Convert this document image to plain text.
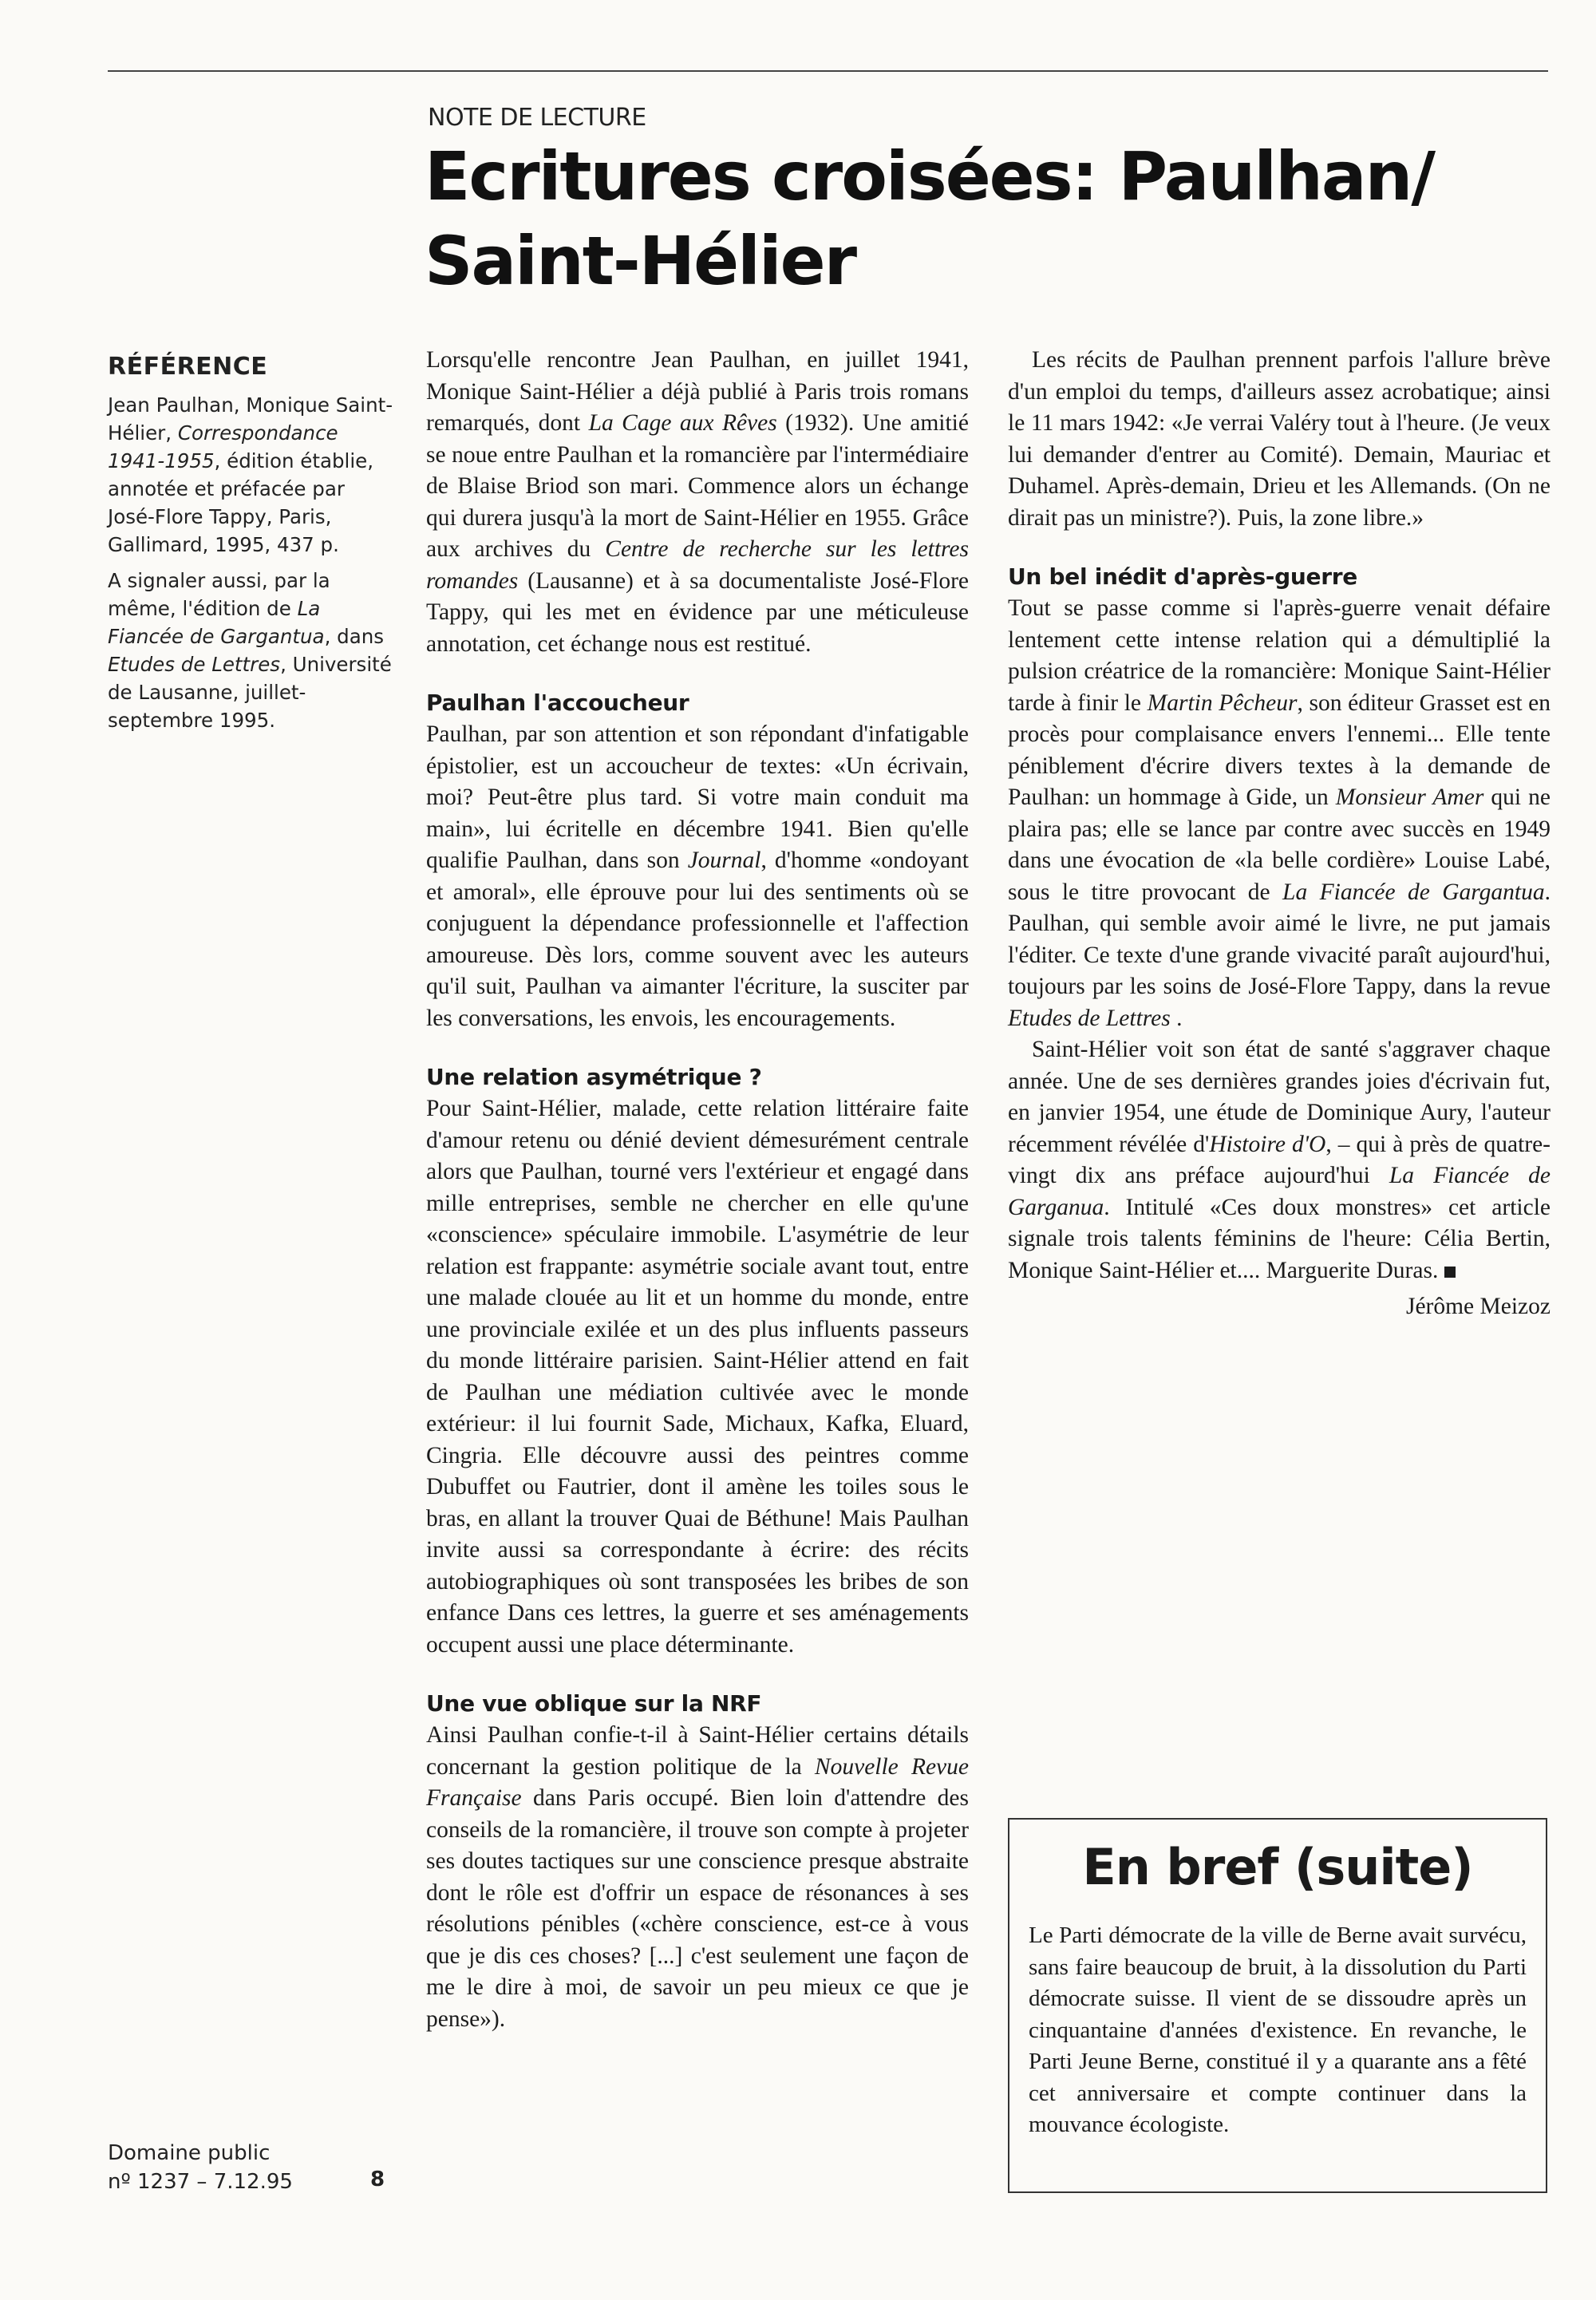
NOTE DE LECTURE
Ecritures croisées: Paulhan/
Saint-Hélier
RÉFÉRENCE

Jean Paulhan, Monique Saint-Hélier, Correspondance 1941-1955, édition établie, annotée et préfacée par José-Flore Tappy, Paris, Gallimard, 1995, 437 p.

A signaler aussi, par la même, l'édition de La Fiancée de Gargantua, dans Etudes de Lettres, Université de Lausanne, juillet-septembre 1995.

Lorsqu'elle rencontre Jean Paulhan, en juillet 1941, Monique Saint-Hélier a déjà publié à Paris trois romans remarqués, dont La Cage aux Rêves (1932). Une amitié se noue entre Paulhan et la romancière par l'intermédiaire de Blaise Briod son mari. Commence alors un échange qui durera jusqu'à la mort de Saint-Hélier en 1955. Grâce aux archives du Centre de recherche sur les lettres romandes (Lausanne) et à sa documentaliste José-Flore Tappy, qui les met en évidence par une méticuleuse annotation, cet échange nous est restitué.

Paulhan l'accoucheur

Paulhan, par son attention et son répondant d'infatigable épistolier, est un accoucheur de textes: «Un écrivain, moi? Peut-être plus tard. Si votre main conduit ma main», lui écritelle en décembre 1941. Bien qu'elle qualifie Paulhan, dans son Journal, d'homme «ondoyant et amoral», elle éprouve pour lui des sentiments où se conjuguent la dépendance professionnelle et l'affection amoureuse. Dès lors, comme souvent avec les auteurs qu'il suit, Paulhan va aimanter l'écriture, la susciter par les conversations, les envois, les encouragements.

Une relation asymétrique ?

Pour Saint-Hélier, malade, cette relation littéraire faite d'amour retenu ou dénié devient démesurément centrale alors que Paulhan, tourné vers l'extérieur et engagé dans mille entreprises, semble ne chercher en elle qu'une «conscience» spéculaire immobile. L'asymétrie de leur relation est frappante: asymétrie sociale avant tout, entre une malade clouée au lit et un homme du monde, entre une provinciale exilée et un des plus influents passeurs du monde littéraire parisien. Saint-Hélier attend en fait de Paulhan une médiation cultivée avec le monde extérieur: il lui fournit Sade, Michaux, Kafka, Eluard, Cingria. Elle découvre aussi des peintres comme Dubuffet ou Fautrier, dont il amène les toiles sous le bras, en allant la trouver Quai de Béthune! Mais Paulhan invite aussi sa correspondante à écrire: des récits autobiographiques où sont transposées les bribes de son enfance Dans ces lettres, la guerre et ses aménagements occupent aussi une place déterminante.

Une vue oblique sur la NRF

Ainsi Paulhan confie-t-il à Saint-Hélier certains détails concernant la gestion politique de la Nouvelle Revue Française dans Paris occupé. Bien loin d'attendre des conseils de la romancière, il trouve son compte à projeter ses doutes tactiques sur une conscience presque abstraite dont le rôle est d'offrir un espace de résonances à ses résolutions pénibles («chère conscience, est-ce à vous que je dis ces choses? [...] c'est seulement une façon de me le dire à moi, de savoir un peu mieux ce que je pense»).

Les récits de Paulhan prennent parfois l'allure brève d'un emploi du temps, d'ailleurs assez acrobatique; ainsi le 11 mars 1942: «Je verrai Valéry tout à l'heure. (Je veux lui demander d'entrer au Comité). Demain, Mauriac et Duhamel. Après-demain, Drieu et les Allemands. (On ne dirait pas un ministre?). Puis, la zone libre.»

Un bel inédit d'après-guerre

Tout se passe comme si l'après-guerre venait défaire lentement cette intense relation qui a démultiplié la pulsion créatrice de la romancière: Monique Saint-Hélier tarde à finir le Martin Pêcheur, son éditeur Grasset est en procès pour complaisance envers l'ennemi... Elle tente péniblement d'écrire divers textes à la demande de Paulhan: un hommage à Gide, un Monsieur Amer qui ne plaira pas; elle se lance par contre avec succès en 1949 dans une évocation de «la belle cordière» Louise Labé, sous le titre provocant de La Fiancée de Gargantua. Paulhan, qui semble avoir aimé le livre, ne put jamais l'éditer. Ce texte d'une grande vivacité paraît aujourd'hui, toujours par les soins de José-Flore Tappy, dans la revue Etudes de Lettres .

Saint-Hélier voit son état de santé s'aggraver chaque année. Une de ses dernières grandes joies d'écrivain fut, en janvier 1954, une étude de Dominique Aury, l'auteur récemment révélée d'Histoire d'O, – qui à près de quatre-vingt dix ans préface aujourd'hui La Fiancée de Garganua. Intitulé «Ces doux monstres» cet article signale trois talents féminins de l'heure: Célia Bertin, Monique Saint-Hélier et.... Marguerite Duras.

Jérôme Meizoz

En bref (suite)

Le Parti démocrate de la ville de Berne avait survécu, sans faire beaucoup de bruit, à la dissolution du Parti démocrate suisse. Il vient de se dissoudre après un cinquantaine d'années d'existence. En revanche, le Parti Jeune Berne, constitué il y a quarante ans a fêté cet anniversaire et compte continuer dans la mouvance écologiste.

Domaine public
nº 1237 – 7.12.95	8
